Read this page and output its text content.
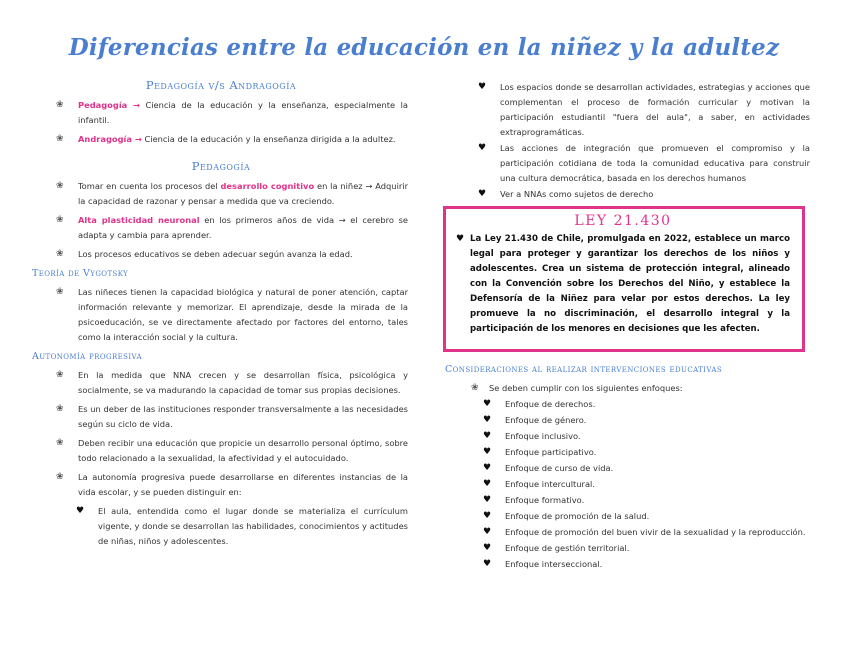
Diferencias entre la educación en la niñez y la adultez
Pedagogía v/s Andragogía
❀ Pedagogía → Ciencia de la educación y la enseñanza, especialmente la infantil.
❀ Andragogía → Ciencia de la educación y la enseñanza dirigida a la adultez.
Pedagogía
❀ Tomar en cuenta los procesos del desarrollo cognitivo en la niñez → Adquirir la capacidad de razonar y pensar a medida que va creciendo.
❀ Alta plasticidad neuronal en los primeros años de vida → el cerebro se adapta y cambia para aprender.
❀ Los procesos educativos se deben adecuar según avanza la edad.
Teoría de Vygotsky
❀ Las niñeces tienen la capacidad biológica y natural de poner atención, captar información relevante y memorizar. El aprendizaje, desde la mirada de la psicoeducación, se ve directamente afectado por factores del entorno, tales como la interacción social y la cultura.
Autonomía progresiva
❀ En la medida que NNA crecen y se desarrollan física, psicológica y socialmente, se va madurando la capacidad de tomar sus propias decisiones.
❀ Es un deber de las instituciones responder transversalmente a las necesidades según su ciclo de vida.
❀ Deben recibir una educación que propicie un desarrollo personal óptimo, sobre todo relacionado a la sexualidad, la afectividad y el autocuidado.
❀ La autonomía progresiva puede desarrollarse en diferentes instancias de la vida escolar, y se pueden distinguir en:
♥ El aula, entendida como el lugar donde se materializa el currículum vigente, y donde se desarrollan las habilidades, conocimientos y actitudes de niñas, niños y adolescentes.
♥ Los espacios donde se desarrollan actividades, estrategias y acciones que complementan el proceso de formación curricular y motivan la participación estudiantil "fuera del aula", a saber, en actividades extraprogramáticas.
♥ Las acciones de integración que promueven el compromiso y la participación cotidiana de toda la comunidad educativa para construir una cultura democrática, basada en los derechos humanos
♥ Ver a NNAs como sujetos de derecho
LEY 21.430
♥ La Ley 21.430 de Chile, promulgada en 2022, establece un marco legal para proteger y garantizar los derechos de los niños y adolescentes. Crea un sistema de protección integral, alineado con la Convención sobre los Derechos del Niño, y establece la Defensoría de la Niñez para velar por estos derechos. La ley promueve la no discriminación, el desarrollo integral y la participación de los menores en decisiones que les afecten.
Consideraciones al realizar intervenciones educativas
❀ Se deben cumplir con los siguientes enfoques:
♥ Enfoque de derechos.
♥ Enfoque de género.
♥ Enfoque inclusivo.
♥ Enfoque participativo.
♥ Enfoque de curso de vida.
♥ Enfoque intercultural.
♥ Enfoque formativo.
♥ Enfoque de promoción de la salud.
♥ Enfoque de promoción del buen vivir de la sexualidad y la reproducción.
♥ Enfoque de gestión territorial.
♥ Enfoque interseccional.
